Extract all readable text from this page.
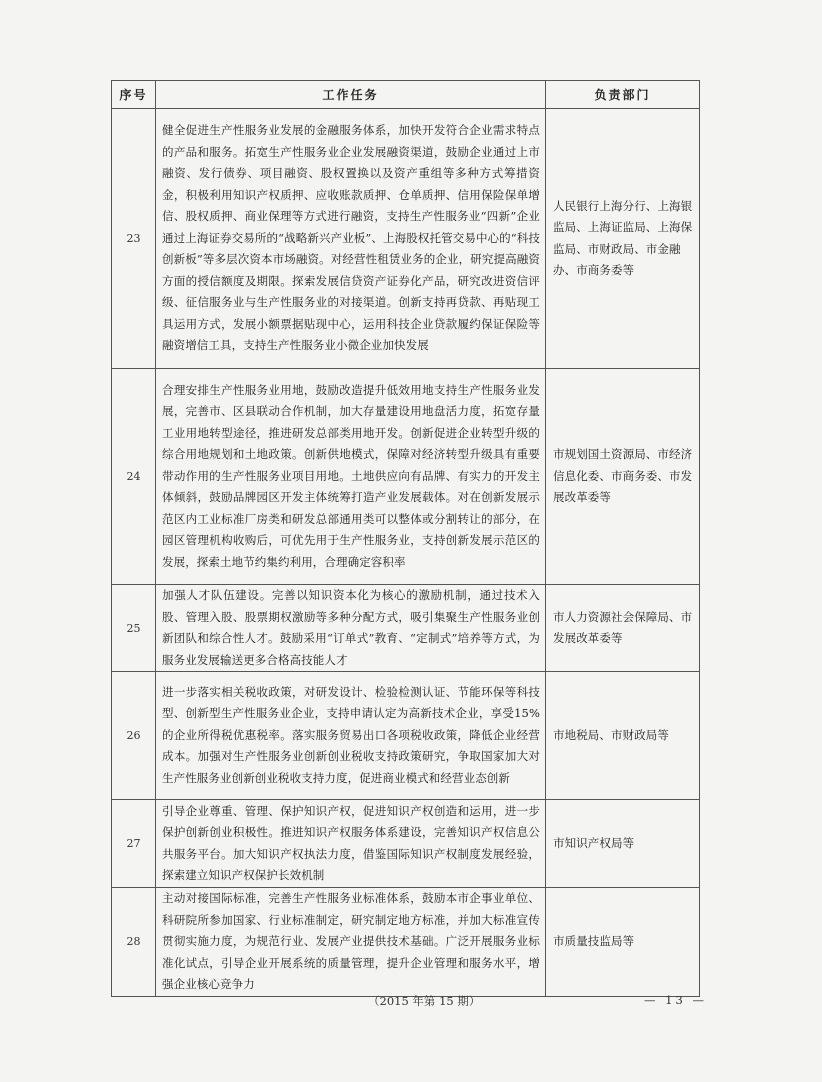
序号	工作任务	负责部门
23	健全促进生产性服务业发展的金融服务体系，加快开发符合企业需求特点的产品和服务。拓宽生产性服务业企业发展融资渠道，鼓励企业通过上市融资、发行债券、项目融资、股权置换以及资产重组等多种方式筹措资金，积极利用知识产权质押、应收账款质押、仓单质押、信用保险保单增信、股权质押、商业保理等方式进行融资，支持生产性服务业“四新”企业通过上海证券交易所的“战略新兴产业板”、上海股权托管交易中心的“科技创新板”等多层次资本市场融资。对经营性租赁业务的企业，研究提高融资方面的授信额度及期限。探索发展信贷资产证券化产品，研究改进资信评级、征信服务业与生产性服务业的对接渠道。创新支持再贷款、再贴现工具运用方式，发展小额票据贴现中心，运用科技企业贷款履约保证保险等融资增信工具，支持生产性服务业小微企业加快发展	人民银行上海分行、上海银监局、上海证监局、上海保监局、市财政局、市金融办、市商务委等
24	合理安排生产性服务业用地，鼓励改造提升低效用地支持生产性服务业发展，完善市、区县联动合作机制，加大存量建设用地盘活力度，拓宽存量工业用地转型途径，推进研发总部类用地开发。创新促进企业转型升级的综合用地规划和土地政策。创新供地模式，保障对经济转型升级具有重要带动作用的生产性服务业项目用地。土地供应向有品牌、有实力的开发主体倾斜，鼓励品牌园区开发主体统筹打造产业发展载体。对在创新发展示范区内工业标准厂房类和研发总部通用类可以整体或分割转让的部分，在园区管理机构收购后，可优先用于生产性服务业，支持创新发展示范区的发展，探索土地节约集约利用，合理确定容积率	市规划国土资源局、市经济信息化委、市商务委、市发展改革委等
25	加强人才队伍建设。完善以知识资本化为核心的激励机制，通过技术入股、管理入股、股票期权激励等多种分配方式，吸引集聚生产性服务业创新团队和综合性人才。鼓励采用“订单式”教育、“定制式”培养等方式，为服务业发展输送更多合格高技能人才	市人力资源社会保障局、市发展改革委等
26	进一步落实相关税收政策，对研发设计、检验检测认证、节能环保等科技型、创新型生产性服务业企业，支持申请认定为高新技术企业，享受15%的企业所得税优惠税率。落实服务贸易出口各项税收政策，降低企业经营成本。加强对生产性服务业创新创业税收支持政策研究，争取国家加大对生产性服务业创新创业税收支持力度，促进商业模式和经营业态创新	市地税局、市财政局等
27	引导企业尊重、管理、保护知识产权，促进知识产权创造和运用，进一步保护创新创业积极性。推进知识产权服务体系建设，完善知识产权信息公共服务平台。加大知识产权执法力度，借鉴国际知识产权制度发展经验，探索建立知识产权保护长效机制	市知识产权局等
28	主动对接国际标准，完善生产性服务业标准体系，鼓励本市企事业单位、科研院所参加国家、行业标准制定，研究制定地方标准，并加大标准宣传贯彻实施力度，为规范行业、发展产业提供技术基础。广泛开展服务业标准化试点，引导企业开展系统的质量管理，提升企业管理和服务水平，增强企业核心竞争力	市质量技监局等
（2015 年第 15 期）	— 13 —
